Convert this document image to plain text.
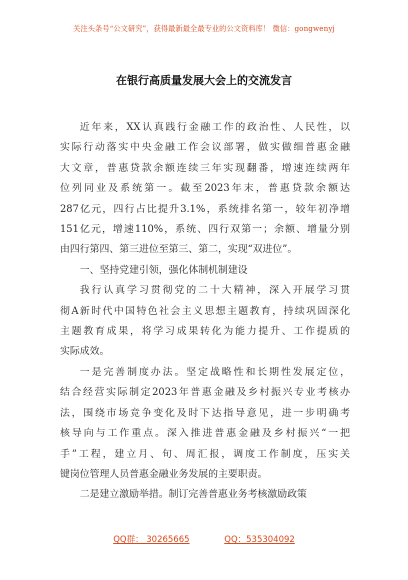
关注头条号“公文研究”，获得最新最全最专业的公文资料库！ 微信：gongwenyj
在银行高质量发展大会上的交流发言
近年来，XX认真践行金融工作的政治性、人民性，以
实际行动落实中央金融工作会议部署，做实做细普惠金融
大文章，普惠贷款余额连续三年实现翻番，增速连续两年
位列同业及系统第一。截至2023年末，普惠贷款余额达
287亿元，四行占比提升3.1%，系统排名第一，较年初净增
151亿元，增速110%，系统、四行双第一；余额、增量分别
由四行第四、第三进位至第三、第二，实现“双进位”。
一、坚持党建引领，强化体制机制建设
我行认真学习贯彻党的二十大精神，深入开展学习贯
彻A新时代中国特色社会主义思想主题教育，持续巩固深化
主题教育成果，将学习成果转化为能力提升、工作提质的
实际成效。
一是完善制度办法。坚定战略性和长期性发展定位，
结合经营实际制定2023年普惠金融及乡村振兴专业考核办
法，围绕市场竞争变化及时下达指导意见，进一步明确考
核导向与工作重点。深入推进普惠金融及乡村振兴“一把
手”工程，建立月、旬、周汇报，调度工作制度，压实关
键岗位管理人员普惠金融业务发展的主要职责。
二是建立激励举措。制订完善普惠业务考核激励政策
QQ群： 30265665	QQ：535304092
